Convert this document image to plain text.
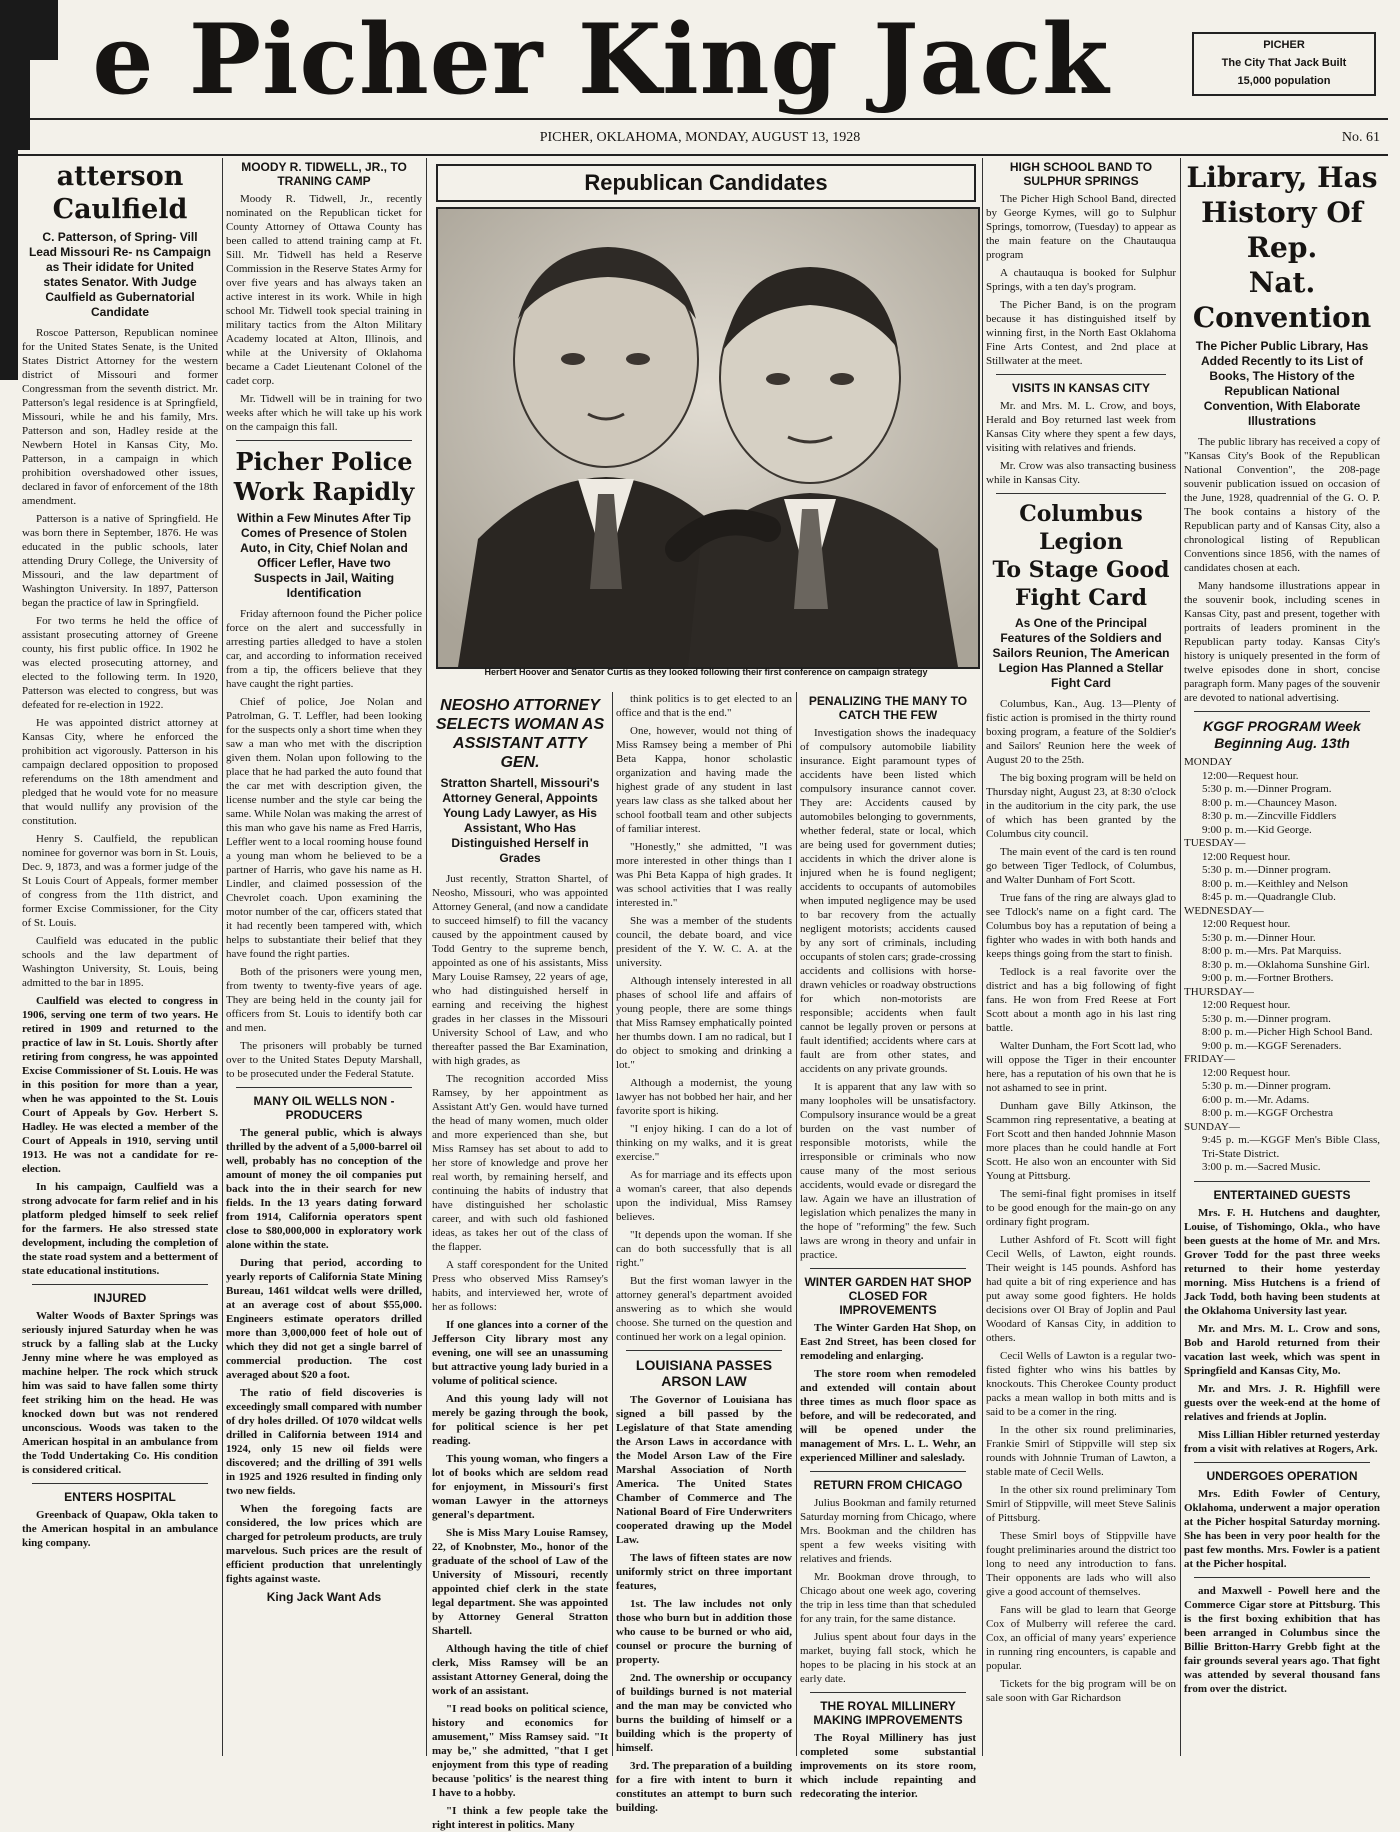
e Picher King Jack	PICHER
The City That Jack Built
15,000 population
PICHER, OKLAHOMA, MONDAY, AUGUST 13, 1928	No. 61
atterson
Caulfield
C. Patterson, of Spring- Vill Lead Missouri Re- ns Campaign as Their ididate for United states Senator. With Judge Caulfield as Gubernatorial Candidate

Roscoe Patterson, Republican nominee for the United States Senate, is the United States District Attorney for the western district of Missouri and former Congressman from the seventh district. Mr. Patterson's legal residence is at Springfield, Missouri, while he and his family, Mrs. Patterson and son, Hadley reside at the Newbern Hotel in Kansas City, Mo. Patterson, in a campaign in which prohibition overshadowed other issues, declared in favor of enforcement of the 18th amendment.

Patterson is a native of Springfield. He was born there in September, 1876. He was educated in the public schools, later attending Drury College, the University of Missouri, and the law department of Washington University. In 1897, Patterson began the practice of law in Springfield.

For two terms he held the office of assistant prosecuting attorney of Greene county, his first public office. In 1902 he was elected prosecuting attorney, and elected to the following term. In 1920, Patterson was elected to congress, but was defeated for re-election in 1922.

He was appointed district attorney at Kansas City, where he enforced the prohibition act vigorously. Patterson in his campaign declared opposition to proposed referendums on the 18th amendment and pledged that he would vote for no measure that would nullify any provision of the constitution.

Henry S. Caulfield, the republican nominee for governor was born in St. Louis, Dec. 9, 1873, and was a former judge of the St Louis Court of Appeals, former member of congress from the 11th district, and former Excise Commissioner, for the City of St. Louis.

Caulfield was educated in the public schools and the law department of Washington University, St. Louis, being admitted to the bar in 1895.

Caulfield was elected to congress in 1906, serving one term of two years. He retired in 1909 and returned to the practice of law in St. Louis. Shortly after retiring from congress, he was appointed Excise Commissioner of St. Louis. He was in this position for more than a year, when he was appointed to the St. Louis Court of Appeals by Gov. Herbert S. Hadley. He was elected a member of the Court of Appeals in 1910, serving until 1913. He was not a candidate for re-election.

In his campaign, Caulfield was a strong advocate for farm relief and in his platform pledged himself to seek relief for the farmers. He also stressed state development, including the completion of the state road system and a betterment of state educational institutions.

INJURED

Walter Woods of Baxter Springs was seriously injured Saturday when he was struck by a falling slab at the Lucky Jenny mine where he was employed as machine helper. The rock which struck him was said to have fallen some thirty feet striking him on the head. He was knocked down but was not rendered unconscious. Woods was taken to the American hospital in an ambulance from the Todd Undertaking Co. His condition is considered critical.

ENTERS HOSPITAL

Greenback of Quapaw, Okla taken to the American hospital in an ambulance king company.

MOODY R. TIDWELL, JR., TO TRANING CAMP

Moody R. Tidwell, Jr., recently nominated on the Republican ticket for County Attorney of Ottawa County has been called to attend training camp at Ft. Sill. Mr. Tidwell has held a Reserve Commission in the Reserve States Army for over five years and has always taken an active interest in its work. While in high school Mr. Tidwell took special training in military tactics from the Alton Military Academy located at Alton, Illinois, and while at the University of Oklahoma became a Cadet Lieutenant Colonel of the cadet corp.

Mr. Tidwell will be in training for two weeks after which he will take up his work on the campaign this fall.

Picher Police
Work Rapidly
Within a Few Minutes After Tip Comes of Presence of Stolen Auto, in City, Chief Nolan and Officer Lefler, Have two Suspects in Jail, Waiting Identification

Friday afternoon found the Picher police force on the alert and successfully in arresting parties alledged to have a stolen car, and according to information received from a tip, the officers believe that they have caught the right parties.

Chief of police, Joe Nolan and Patrolman, G. T. Leffler, had been looking for the suspects only a short time when they saw a man who met with the discription given them. Nolan upon following to the place that he had parked the auto found that the car met with description given, the license number and the style car being the same. While Nolan was making the arrest of this man who gave his name as Fred Harris, Leffler went to a local rooming house found a young man whom he believed to be a partner of Harris, who gave his name as H. Lindler, and claimed possession of the Chevrolet coach. Upon examining the motor number of the car, officers stated that it had recently been tampered with, which helps to substantiate their belief that they have found the right parties.

Both of the prisoners were young men, from twenty to twenty-five years of age. They are being held in the county jail for officers from St. Louis to identify both car and men.

The prisoners will probably be turned over to the United States Deputy Marshall, to be prosecuted under the Federal Statute.

MANY OIL WELLS NON - PRODUCERS

The general public, which is always thrilled by the advent of a 5,000-barrel oil well, probably has no conception of the amount of money the oil companies put back into the in their search for new fields. In the 13 years dating forward from 1914, California operators spent close to $80,000,000 in exploratory work alone within the state.

During that period, according to yearly reports of California State Mining Bureau, 1461 wildcat wells were drilled, at an average cost of about $55,000. Engineers estimate operators drilled more than 3,000,000 feet of hole out of which they did not get a single barrel of commercial production. The cost averaged about $20 a foot.

The ratio of field discoveries is exceedingly small compared with number of dry holes drilled. Of 1070 wildcat wells drilled in California between 1914 and 1924, only 15 new oil fields were discovered; and the drilling of 391 wells in 1925 and 1926 resulted in finding only two new fields.

When the foregoing facts are considered, the low prices which are charged for petroleum products, are truly marvelous. Such prices are the result of efficient production that unrelentingly fights against waste.

King Jack Want Ads
Republican Candidates
Herbert Hoover and Senator Curtis as they looked following their first conference on campaign strategy
NEOSHO ATTORNEY SELECTS WOMAN AS ASSISTANT ATTY GEN.
Stratton Shartell, Missouri's Attorney General, Appoints Young Lady Lawyer, as His Assistant, Who Has Distinguished Herself in Grades

Just recently, Stratton Shartel, of Neosho, Missouri, who was appointed Attorney General, (and now a candidate to succeed himself) to fill the vacancy caused by the appointment caused by Todd Gentry to the supreme bench, appointed as one of his assistants, Miss Mary Louise Ramsey, 22 years of age, who had distinguished herself in earning and receiving the highest grades in her classes in the Missouri University School of Law, and who thereafter passed the Bar Examination, with high grades, as

The recognition accorded Miss Ramsey, by her appointment as Assistant Att'y Gen. would have turned the head of many women, much older and more experienced than she, but Miss Ramsey has set about to add to her store of knowledge and prove her real worth, by remaining herself, and continuing the habits of industry that have distinguished her scholastic career, and with such old fashioned ideas, as takes her out of the class of the flapper.

A staff corespondent for the United Press who observed Miss Ramsey's habits, and interviewed her, wrote of her as follows:

If one glances into a corner of the Jefferson City library most any evening, one will see an unassuming but attractive young lady buried in a volume of political science.

And this young lady will not merely be gazing through the book, for political science is her pet reading.

This young woman, who fingers a lot of books which are seldom read for enjoyment, in Missouri's first woman Lawyer in the attorneys general's department.

She is Miss Mary Louise Ramsey, 22, of Knobnster, Mo., honor of the graduate of the school of Law of the University of Missouri, recently appointed chief clerk in the state legal department. She was appointed by Attorney General Stratton Shartell.

Although having the title of chief clerk, Miss Ramsey will be an assistant Attorney General, doing the work of an assistant.

"I read books on political science, history and economics for amusement," Miss Ramsey said. "It may be," she admitted, "that I get enjoyment from this type of reading because 'politics' is the nearest thing I have to a hobby.

"I think a few people take the right interest in politics. Many

think politics is to get elected to an office and that is the end."

One, however, would not thing of Miss Ramsey being a member of Phi Beta Kappa, honor scholastic organization and having made the highest grade of any student in last years law class as she talked about her school football team and other subjects of familiar interest.

"Honestly," she admitted, "I was more interested in other things than I was Phi Beta Kappa of high grades. It was school activities that I was really interested in."

She was a member of the students council, the debate board, and vice president of the Y. W. C. A. at the university.

Although intensely interested in all phases of school life and affairs of young people, there are some things that Miss Ramsey emphatically pointed her thumbs down. I am no radical, but I do object to smoking and drinking a lot."

Although a modernist, the young lawyer has not bobbed her hair, and her favorite sport is hiking.

"I enjoy hiking. I can do a lot of thinking on my walks, and it is great exercise."

As for marriage and its effects upon a woman's career, that also depends upon the individual, Miss Ramsey believes.

"It depends upon the woman. If she can do both successfully that is all right."

But the first woman lawyer in the attorney general's department avoided answering as to which she would choose. She turned on the question and continued her work on a legal opinion.

LOUISIANA PASSES ARSON LAW

The Governor of Louisiana has signed a bill passed by the Legislature of that State amending the Arson Laws in accordance with the Model Arson Law of the Fire Marshal Association of North America. The United States Chamber of Commerce and The National Board of Fire Underwriters cooperated drawing up the Model Law.

The laws of fifteen states are now uniformly strict on three important features,

1st. The law includes not only those who burn but in addition those who cause to be burned or who aid, counsel or procure the burning of property.

2nd. The ownership or occupancy of buildings burned is not material and the man may be convicted who burns the building of himself or a building which is the property of himself.

3rd. The preparation of a building for a fire with intent to burn it constitutes an attempt to burn such building.

PENALIZING THE MANY TO CATCH THE FEW

Investigation shows the inadequacy of compulsory automobile liability insurance. Eight paramount types of accidents have been listed which compulsory insurance cannot cover. They are: Accidents caused by automobiles belonging to governments, whether federal, state or local, which are being used for government duties; accidents in which the driver alone is injured when he is found negligent; accidents to occupants of automobiles when imputed negligence may be used to bar recovery from the actually negligent motorists; accidents caused by any sort of criminals, including occupants of stolen cars; grade-crossing accidents and collisions with horse-drawn vehicles or roadway obstructions for which non-motorists are responsible; accidents when fault cannot be legally proven or persons at fault identified; accidents where cars at fault are from other states, and accidents on any private grounds.

It is apparent that any law with so many loopholes will be unsatisfactory. Compulsory insurance would be a great burden on the vast number of responsible motorists, while the irresponsible or criminals who now cause many of the most serious accidents, would evade or disregard the law. Again we have an illustration of legislation which penalizes the many in the hope of "reforming" the few. Such laws are wrong in theory and unfair in practice.

WINTER GARDEN HAT SHOP CLOSED FOR IMPROVEMENTS

The Winter Garden Hat Shop, on East 2nd Street, has been closed for remodeling and enlarging.

The store room when remodeled and extended will contain about three times as much floor space as before, and will be redecorated, and will be opened under the management of Mrs. L. L. Wehr, an experienced Milliner and saleslady.

RETURN FROM CHICAGO

Julius Bookman and family returned Saturday morning from Chicago, where Mrs. Bookman and the children has spent a few weeks visiting with relatives and friends.

Mr. Bookman drove through, to Chicago about one week ago, covering the trip in less time than that scheduled for any train, for the same distance.

Julius spent about four days in the market, buying fall stock, which he hopes to be placing in his stock at an early date.

THE ROYAL MILLINERY MAKING IMPROVEMENTS

The Royal Millinery has just completed some substantial improvements on its store room, which include repainting and redecorating the interior.

HIGH SCHOOL BAND TO SULPHUR SPRINGS

The Picher High School Band, directed by George Kymes, will go to Sulphur Springs, tomorrow, (Tuesday) to appear as the main feature on the Chautauqua program

A chautauqua is booked for Sulphur Springs, with a ten day's program.

The Picher Band, is on the program because it has distinguished itself by winning first, in the North East Oklahoma Fine Arts Contest, and 2nd place at Stillwater at the meet.

VISITS IN KANSAS CITY

Mr. and Mrs. M. L. Crow, and boys, Herald and Boy returned last week from Kansas City where they spent a few days, visiting with relatives and friends.

Mr. Crow was also transacting business while in Kansas City.

Columbus Legion
To Stage Good
Fight Card
As One of the Principal Features of the Soldiers and Sailors Reunion, The American Legion Has Planned a Stellar Fight Card

Columbus, Kan., Aug. 13—Plenty of fistic action is promised in the thirty round boxing program, a feature of the Soldier's and Sailors' Reunion here the week of August 20 to the 25th.

The big boxing program will be held on Thursday night, August 23, at 8:30 o'clock in the auditorium in the city park, the use of which has been granted by the Columbus city council.

The main event of the card is ten round go between Tiger Tedlock, of Columbus, and Walter Dunham of Fort Scott.

True fans of the ring are always glad to see Tdlock's name on a fight card. The Columbus boy has a reputation of being a fighter who wades in with both hands and keeps things going from the start to finish.

Tedlock is a real favorite over the district and has a big following of fight fans. He won from Fred Reese at Fort Scott about a month ago in his last ring battle.

Walter Dunham, the Fort Scott lad, who will oppose the Tiger in their encounter here, has a reputation of his own that he is not ashamed to see in print.

Dunham gave Billy Atkinson, the Scammon ring representative, a beating at Fort Scott and then handed Johnnie Mason more places than he could handle at Fort Scott. He also won an encounter with Sid Young at Pittsburg.

The semi-final fight promises in itself to be good enough for the main-go on any ordinary fight program.

Luther Ashford of Ft. Scott will fight Cecil Wells, of Lawton, eight rounds. Their weight is 145 pounds. Ashford has had quite a bit of ring experience and has put away some good fighters. He holds decisions over Ol Bray of Joplin and Paul Woodard of Kansas City, in addition to others.

Cecil Wells of Lawton is a regular two-fisted fighter who wins his battles by knockouts. This Cherokee County product packs a mean wallop in both mitts and is said to be a comer in the ring.

In the other six round preliminaries, Frankie Smirl of Stippville will step six rounds with Johnnie Truman of Lawton, a stable mate of Cecil Wells.

In the other six round preliminary Tom Smirl of Stippville, will meet Steve Salinis of Pittsburg.

These Smirl boys of Stippville have fought preliminaries around the district too long to need any introduction to fans. Their opponents are lads who will also give a good account of themselves.

Fans will be glad to learn that George Cox of Mulberry will referee the card. Cox, an official of many years' experience in running ring encounters, is capable and popular.

Tickets for the big program will be on sale soon with Gar Richardson

Library, Has
History Of Rep.
Nat. Convention
The Picher Public Library, Has Added Recently to its List of Books, The History of the Republican National Convention, With Elaborate Illustrations

The public library has received a copy of "Kansas City's Book of the Republican National Convention", the 208-page souvenir publication issued on occasion of the June, 1928, quadrennial of the G. O. P. The book contains a history of the Republican party and of Kansas City, also a chronological listing of Republican Conventions since 1856, with the names of candidates chosen at each.

Many handsome illustrations appear in the souvenir book, including scenes in Kansas City, past and present, together with portraits of leaders prominent in the Republican party today. Kansas City's history is uniquely presented in the form of twelve episodes done in short, concise paragraph form. Many pages of the souvenir are devoted to national advertising.

KGGF PROGRAM Week Beginning Aug. 13th
MONDAY
12:00—Request hour.
5:30 p. m.—Dinner Program.
8:00 p. m.—Chauncey Mason.
8:30 p. m.—Zincville Fiddlers
9:00 p. m.—Kid George.
TUESDAY—
12:00 Request hour.
5:30 p. m.—Dinner program.
8:00 p. m.—Keithley and Nelson
8:45 p. m.—Quadrangle Club.
WEDNESDAY—
12:00 Request hour.
5:30 p. m.—Dinner Hour.
8:00 p. m.—Mrs. Pat Marquiss.
8:30 p. m.—Oklahoma Sunshine Girl.
9:00 p. m.—Fortner Brothers.
THURSDAY—
12:00 Request hour.
5:30 p. m.—Dinner program.
8:00 p. m.—Picher High School Band.
9:00 p. m.—KGGF Serenaders.
FRIDAY—
12:00 Request hour.
5:30 p. m.—Dinner program.
6:00 p. m.—Mr. Adams.
8:00 p. m.—KGGF Orchestra
SUNDAY—
9:45 p. m.—KGGF Men's Bible Class, Tri-State District.
3:00 p. m.—Sacred Music.
ENTERTAINED GUESTS

Mrs. F. H. Hutchens and daughter, Louise, of Tishomingo, Okla., who have been guests at the home of Mr. and Mrs. Grover Todd for the past three weeks returned to their home yesterday morning. Miss Hutchens is a friend of Jack Todd, both having been students at the Oklahoma University last year.

Mr. and Mrs. M. L. Crow and sons, Bob and Harold returned from their vacation last week, which was spent in Springfield and Kansas City, Mo.

Mr. and Mrs. J. R. Highfill were guests over the week-end at the home of relatives and friends at Joplin.

Miss Lillian Hibler returned yesterday from a visit with relatives at Rogers, Ark.

UNDERGOES OPERATION

Mrs. Edith Fowler of Century, Oklahoma, underwent a major operation at the Picher hospital Saturday morning. She has been in very poor health for the past few months. Mrs. Fowler is a patient at the Picher hospital.

and Maxwell - Powell here and the Commerce Cigar store at Pittsburg. This is the first boxing exhibition that has been arranged in Columbus since the Billie Britton-Harry Grebb fight at the fair grounds several years ago. That fight was attended by several thousand fans from over the district.
